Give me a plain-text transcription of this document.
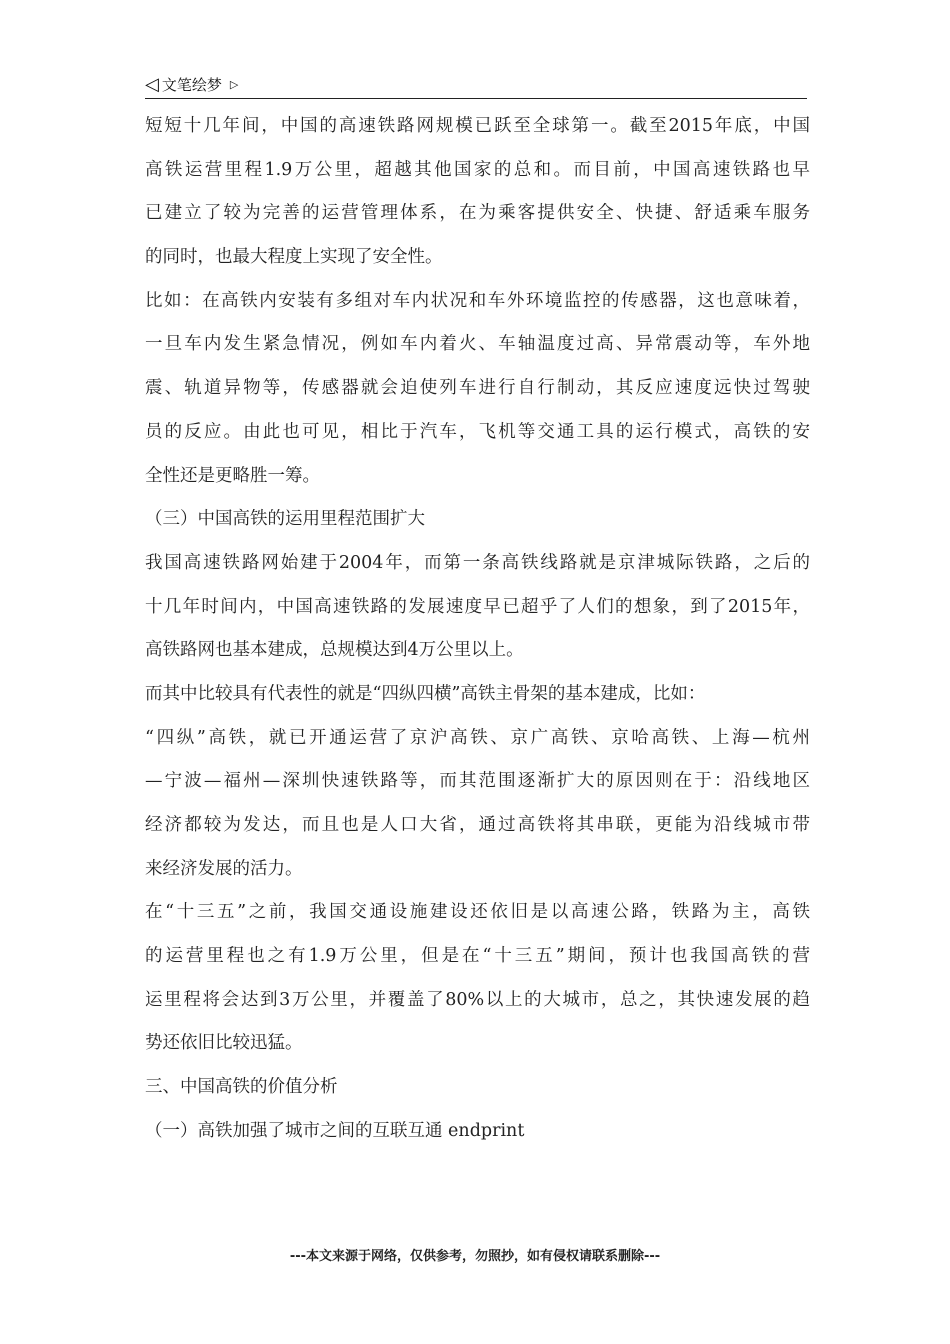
◁ 文笔绘梦 ▷
短短十几年间，中国的高速铁路网规模已跃至全球第一。截至2015年底，中国
高铁运营里程1.9万公里，超越其他国家的总和。而目前，中国高速铁路也早
已建立了较为完善的运营管理体系，在为乘客提供安全、快捷、舒适乘车服务
的同时，也最大程度上实现了安全性。
比如：在高铁内安装有多组对车内状况和车外环境监控的传感器，这也意味着，
一旦车内发生紧急情况，例如车内着火、车轴温度过高、异常震动等，车外地
震、轨道异物等，传感器就会迫使列车进行自行制动，其反应速度远快过驾驶
员的反应。由此也可见，相比于汽车，飞机等交通工具的运行模式，高铁的安
全性还是更略胜一筹。
（三）中国高铁的运用里程范围扩大
我国高速铁路网始建于2004年，而第一条高铁线路就是京津城际铁路，之后的
十几年时间内，中国高速铁路的发展速度早已超乎了人们的想象，到了2015年，
高铁路网也基本建成，总规模达到4万公里以上。
而其中比较具有代表性的就是“四纵四横”高铁主骨架的基本建成，比如：
“四纵”高铁，就已开通运营了京沪高铁、京广高铁、京哈高铁、上海—杭州
—宁波—福州—深圳快速铁路等，而其范围逐渐扩大的原因则在于：沿线地区
经济都较为发达，而且也是人口大省，通过高铁将其串联，更能为沿线城市带
来经济发展的活力。
在“十三五”之前，我国交通设施建设还依旧是以高速公路，铁路为主，高铁
的运营里程也之有1.9万公里，但是在“十三五”期间，预计也我国高铁的营
运里程将会达到3万公里，并覆盖了80%以上的大城市，总之，其快速发展的趋
势还依旧比较迅猛。
三、中国高铁的价值分析
（一）高铁加强了城市之间的互联互通 endprint
---本文来源于网络，仅供参考，勿照抄，如有侵权请联系删除---
